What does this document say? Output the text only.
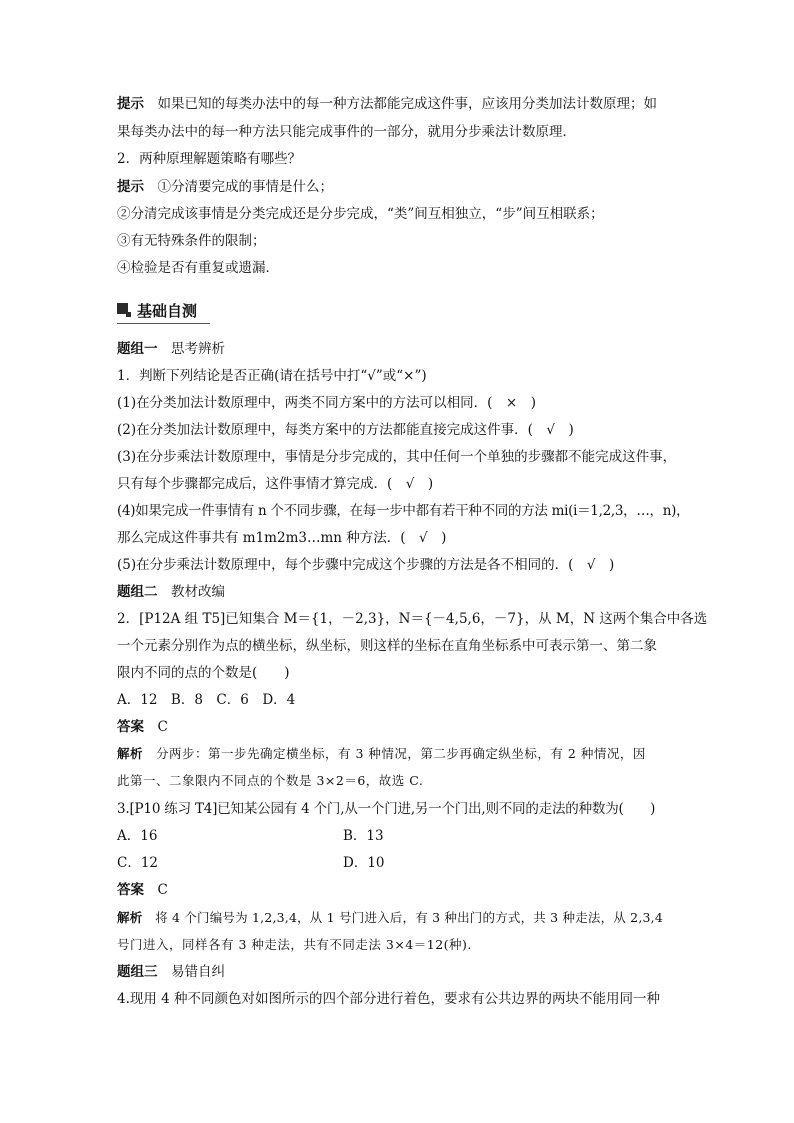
提示　如果已知的每类办法中的每一种方法都能完成这件事，应该用分类加法计数原理；如
果每类办法中的每一种方法只能完成事件的一部分，就用分步乘法计数原理．
2．两种原理解题策略有哪些？
提示　①分清要完成的事情是什么；
②分清完成该事情是分类完成还是分步完成，“类”间互相独立，“步”间互相联系；
③有无特殊条件的限制；
④检验是否有重复或遗漏．
基础自测
题组一　思考辨析
1．判断下列结论是否正确(请在括号中打“√”或“×”)
(1)在分类加法计数原理中，两类不同方案中的方法可以相同．(　×　)
(2)在分类加法计数原理中，每类方案中的方法都能直接完成这件事．(　√　)
(3)在分步乘法计数原理中，事情是分步完成的，其中任何一个单独的步骤都不能完成这件事，
只有每个步骤都完成后，这件事情才算完成．(　√　)
(4)如果完成一件事情有 n 个不同步骤，在每一步中都有若干种不同的方法 mi(i＝1,2,3，…，n)，
那么完成这件事共有 m1m2m3…mn 种方法．(　√　)
(5)在分步乘法计数原理中，每个步骤中完成这个步骤的方法是各不相同的．(　√　)
题组二　教材改编
2．[P12A 组 T5]已知集合 M＝{1，－2,3}，N＝{－4,5,6，－7}，从 M，N 这两个集合中各选
一个元素分别作为点的横坐标，纵坐标，则这样的坐标在直角坐标系中可表示第一、第二象
限内不同的点的个数是(　　)
A．12　B．8　C．6　D．4
答案　C
解析　分两步：第一步先确定横坐标，有 3 种情况，第二步再确定纵坐标，有 2 种情况，因
此第一、二象限内不同点的个数是 3×2＝6，故选 C.
3.[P10 练习 T4]已知某公园有 4 个门,从一个门进,另一个门出,则不同的走法的种数为(　　)
A．16	B．13
C．12	D．10
答案　C
解析　将 4 个门编号为 1,2,3,4，从 1 号门进入后，有 3 种出门的方式，共 3 种走法，从 2,3,4
号门进入，同样各有 3 种走法，共有不同走法 3×4＝12(种).
题组三　易错自纠
4.现用 4 种不同颜色对如图所示的四个部分进行着色，要求有公共边界的两块不能用同一种
